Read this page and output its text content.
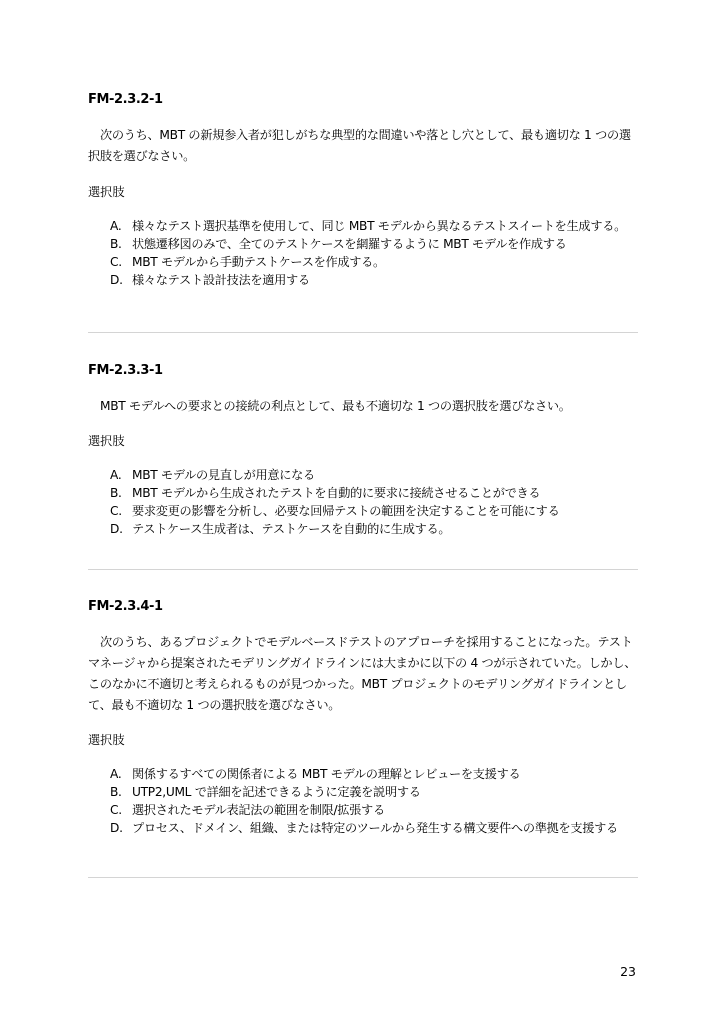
FM-2.3.2-1

次のうち、MBT の新規参入者が犯しがちな典型的な間違いや落とし穴として、最も適切な 1 つの選択肢を選びなさい。

選択肢

A. 様々なテスト選択基準を使用して、同じ MBT モデルから異なるテストスイートを生成する。
B. 状態遷移図のみで、全てのテストケースを網羅するように MBT モデルを作成する
C. MBT モデルから手動テストケースを作成する。
D. 様々なテスト設計技法を適用する

FM-2.3.3-1

MBT モデルへの要求との接続の利点として、最も不適切な 1 つの選択肢を選びなさい。

選択肢

A. MBT モデルの見直しが用意になる
B. MBT モデルから生成されたテストを自動的に要求に接続させることができる
C. 要求変更の影響を分析し、必要な回帰テストの範囲を決定することを可能にする
D. テストケース生成者は、テストケースを自動的に生成する。

FM-2.3.4-1

次のうち、あるプロジェクトでモデルベースドテストのアプローチを採用することになった。テストマネージャから提案されたモデリングガイドラインには大まかに以下の 4 つが示されていた。しかし、このなかに不適切と考えられるものが見つかった。MBT プロジェクトのモデリングガイドラインとして、最も不適切な 1 つの選択肢を選びなさい。

選択肢

A. 関係するすべての関係者による MBT モデルの理解とレビューを支援する
B. UTP2,UML で詳細を記述できるように定義を説明する
C. 選択されたモデル表記法の範囲を制限/拡張する
D. プロセス、ドメイン、組織、または特定のツールから発生する構文要件への準拠を支援する
23
